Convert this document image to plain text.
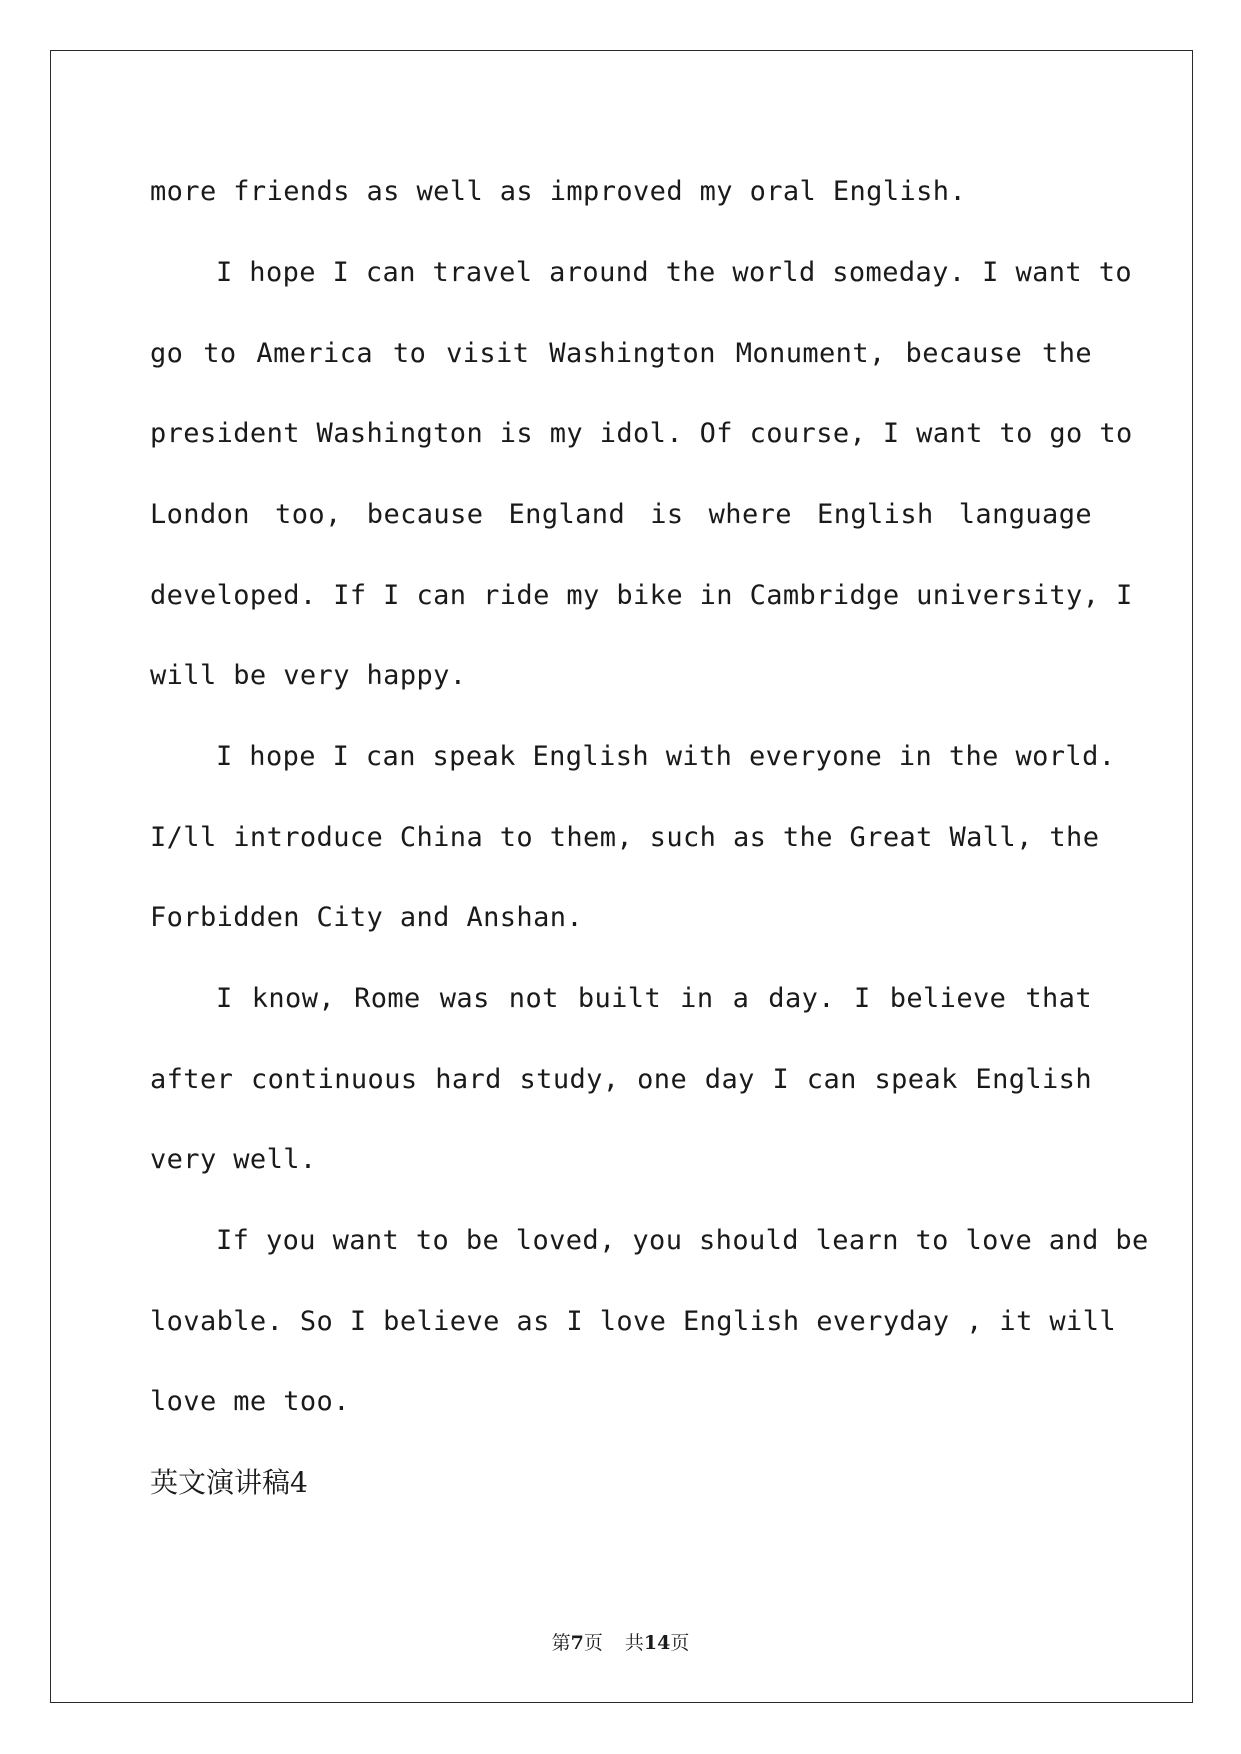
more friends as well as improved my oral English.
I hope I can travel around the world someday. I want to
go to America to visit Washington Monument, because the
president Washington is my idol. Of course, I want to go to
London too, because England is where English language
developed. If I can ride my bike in Cambridge university, I
will be very happy.
I hope I can speak English with everyone in the world.
I/ll introduce China to them, such as the Great Wall, the
Forbidden City and Anshan.
I know, Rome was not built in a day. I believe that
after continuous hard study, one day I can speak English
very well.
If you want to be loved, you should learn to love and be
lovable. So I believe as I love English everyday , it will
love me too.
英文演讲稿4
第7页 共14页
